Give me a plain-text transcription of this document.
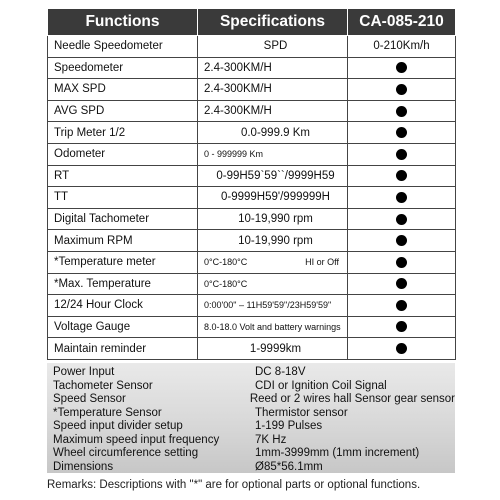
Functions	Specifications	CA-085-210
Needle Speedometer	SPD	0-210Km/h
Speedometer	2.4-300KM/H	
MAX SPD	2.4-300KM/H	
AVG SPD	2.4-300KM/H	
Trip Meter 1/2	0.0-999.9 Km	
Odometer	0 - 999999 Km	
RT	0-99H59`59``/9999H59	
TT	0-9999H59'/999999H	
Digital Tachometer	10-19,990 rpm	
Maximum RPM	10-19,990 rpm	
*Temperature meter	0°C-180°C HI or Off	

*Max. Temperature	0°C-180°C	
12/24 Hour Clock	0:00'00" – 11H59'59"/23H59'59"	
Voltage Gauge	8.0-18.0 Volt and battery warnings	
Maintain reminder	1-9999km	
Power Input	DC 8-18V
Tachometer Sensor	CDI or Ignition Coil Signal
Speed Sensor	Reed or 2 wires hall Sensor gear sensor
*Temperature Sensor	Thermistor sensor
Speed input divider setup	1-199 Pulses
Maximum speed input frequency	7K Hz
Wheel circumference setting	1mm-3999mm (1mm increment)
Dimensions	Ø85*56.1mm
Remarks: Descriptions with "*" are for optional parts or optional functions.
